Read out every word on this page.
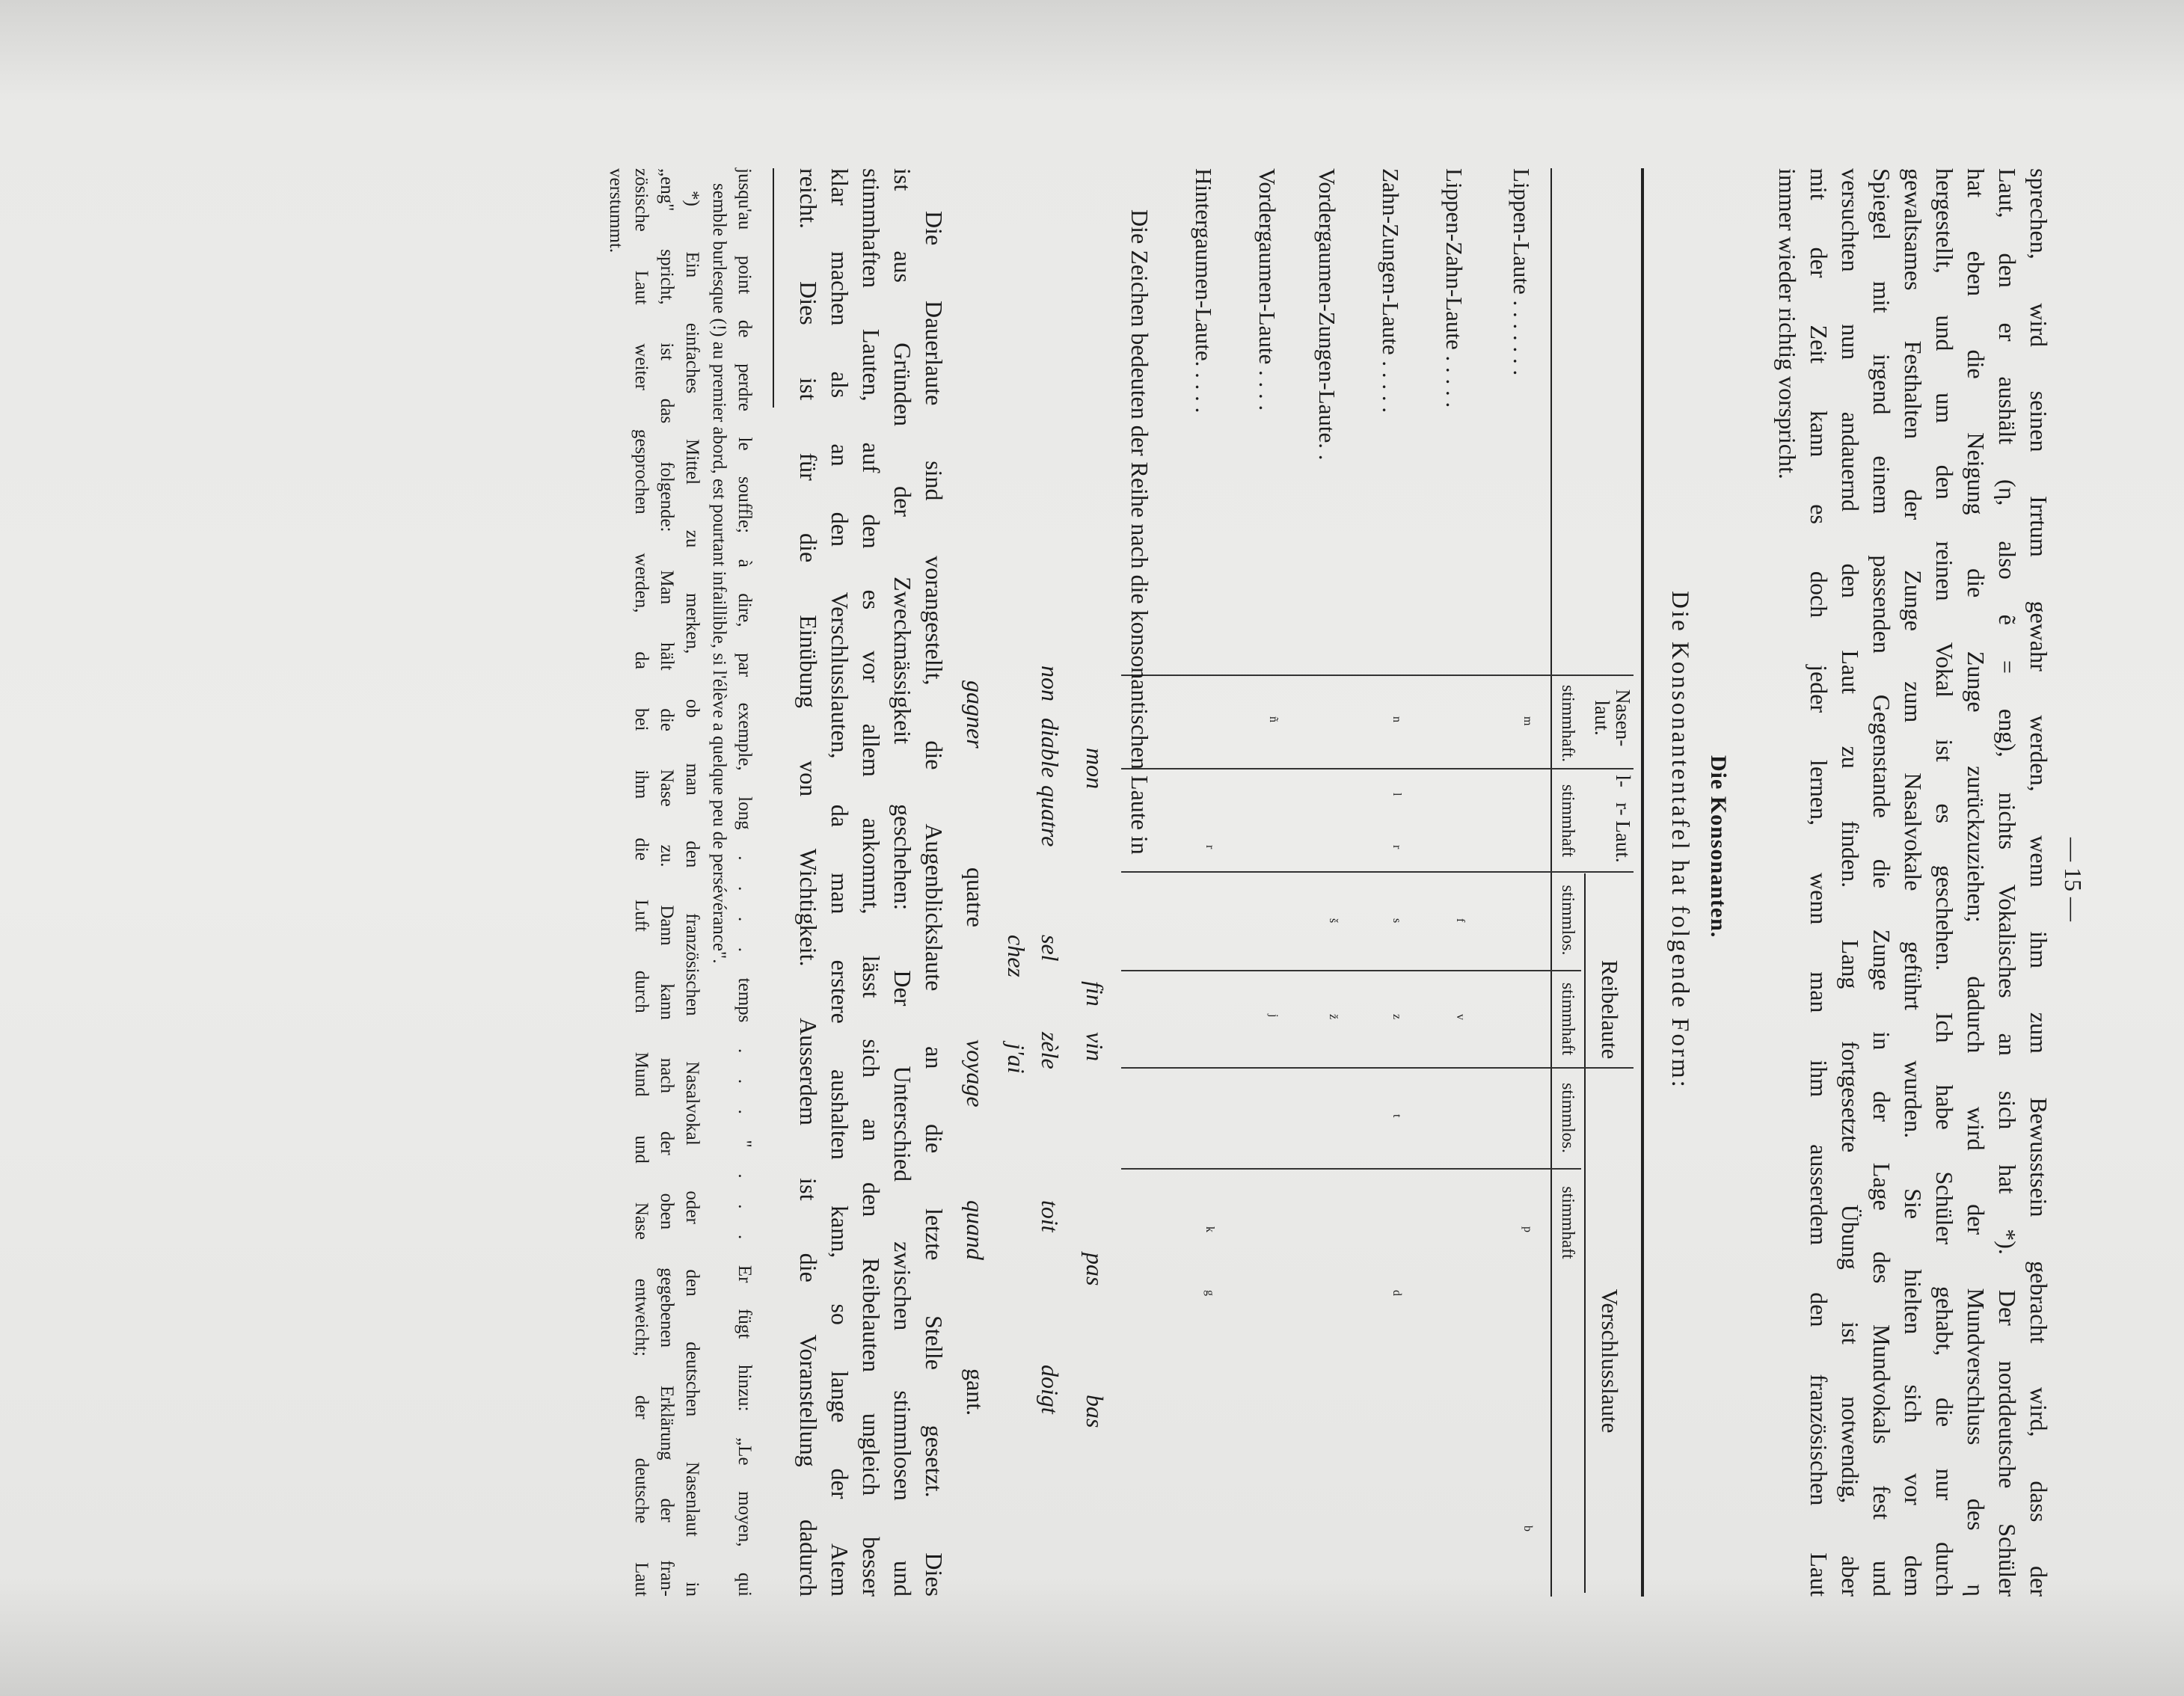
— 15 —
sprechen, wird seinen Irrtum gewahr werden, wenn ihm zum Bewusstsein gebracht wird, dass der
Laut, den er aushält (η, also ẽ = eng), nichts Vokalisches an sich hat *). Der norddeutsche Schüler
hat eben die Neigung die Zunge zurückzuziehen; dadurch wird der Mundverschluss des η
hergestellt, und um den reinen Vokal ist es geschehen. Ich habe Schüler gehabt, die nur durch
gewaltsames Festhalten der Zunge zum Nasalvokale geführt wurden. Sie hielten sich vor dem
Spiegel mit irgend einem passenden Gegenstande die Zunge in der Lage des Mundvokals fest und
versuchten nun andauernd den Laut zu finden. Lang fortgesetzte Übung ist notwendig, aber
mit der Zeit kann es doch jeder lernen, wenn man ihm ausserdem den französischen Laut
immer wieder richtig vorspricht.
Die Konsonanten.
Die Konsonantentafel hat folgende Form:
Nasen- laut.
l-   r- Laut.
Reibelaute
Verschlusslaute
stimmhaft.
stimmhaft
stimmlos.
stimmhaft
stimmlos.
stimmhaft
Lippen-Laute . . . . . . .
m
p
b
Lippen-Zahn-Laute . . . . .
f
v
Zahn-Zungen-Laute . . . . .
n
l
r
s
z
t
d
Vordergaumen-Zungen-Laute. .
š
ž
Vordergaumen-Laute . . . .
ñ
j
Hintergaumen-Laute. . . . .
r
k
g
Die Zeichen bedeuten der Reihe nach die konsonantischen Laute in
mon
fin
vin
pas
bas
non
diable
quatre
sel
zèle
toit
doigt
chez
j'ai
gagner
quatre
voyage
quand
gant.
Die Dauerlaute sind vorangestellt, die Augenblickslaute an die letzte Stelle gesetzt. Dies
ist aus Gründen der Zweckmässigkeit geschehen: Der Unterschied zwischen stimmlosen und
stimmhaften Lauten, auf den es vor allem ankommt, lässt sich an den Reibelauten ungleich besser
klar machen als an den Verschlusslauten, da man erstere aushalten kann, so lange der Atem
reicht. Dies ist für die Einübung von Wichtigkeit. Ausserdem ist die Voranstellung dadurch
jusqu'au point de perdre le souffle; à dire, par exemple, long . . . . temps . . . " . . . Er fügt hinzu: „Le moyen, qui
semble burlesque (!) au premier abord, est pourtant infaillible, si l'élève a quelque peu de persévérance".
*) Ein einfaches Mittel zu merken, ob man den französischen Nasalvokal oder den deutschen Nasenlaut in
„eng" spricht, ist das folgende: Man hält die Nase zu. Dann kann nach der oben gegebenen Erklärung der fran-
zösische Laut weiter gesprochen werden, da bei ihm die Luft durch Mund und Nase entweicht; der deutsche Laut
verstummt.
